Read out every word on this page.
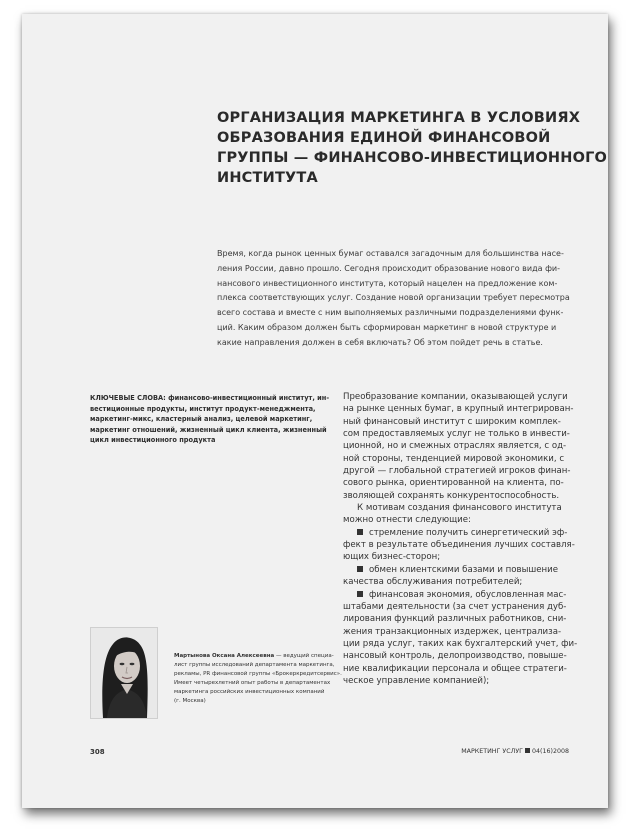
ОРГАНИЗАЦИЯ МАРКЕТИНГА В УСЛОВИЯХ
ОБРАЗОВАНИЯ ЕДИНОЙ ФИНАНСОВОЙ
ГРУППЫ — ФИНАНСОВО-ИНВЕСТИЦИОННОГО
ИНСТИТУТА
Время, когда рынок ценных бумаг оставался загадочным для большинства насе-
ления России, давно прошло. Сегодня происходит образование нового вида фи-
нансового инвестиционного института, который нацелен на предложение ком-
плекса соответствующих услуг. Создание новой организации требует пересмотра
всего состава и вместе с ним выполняемых различными подразделениями функ-
ций. Каким образом должен быть сформирован маркетинг в новой структуре и
какие направления должен в себя включать? Об этом пойдет речь в статье.
КЛЮЧЕВЫЕ СЛОВА: финансово-инвестиционный институт, ин-
вестиционные продукты, институт продукт-менеджмента,
маркетинг-микс, кластерный анализ, целевой маркетинг,
маркетинг отношений, жизненный цикл клиента, жизненный
цикл инвестиционного продукта
Преобразование компании, оказывающей услуги
на рынке ценных бумаг, в крупный интегрирован-
ный финансовый институт с широким комплек-
сом предоставляемых услуг не только в инвести-
ционной, но и смежных отраслях является, с од-
ной стороны, тенденцией мировой экономики, с
другой — глобальной стратегией игроков финан-
сового рынка, ориентированной на клиента, по-
зволяющей сохранять конкурентоспособность.
К мотивам создания финансового института
можно отнести следующие:
стремление получить синергетический эф-
фект в результате объединения лучших составля-
ющих бизнес-сторон;
обмен клиентскими базами и повышение
качества обслуживания потребителей;
финансовая экономия, обусловленная мас-
штабами деятельности (за счет устранения дуб-
лирования функций различных работников, сни-
жения транзакционных издержек, централиза-
ции ряда услуг, таких как бухгалтерский учет, фи-
нансовый контроль, делопроизводство, повыше-
ние квалификации персонала и общее стратеги-
ческое управление компанией);
Мартынова Оксана Алексеевна — ведущий специа-
лист группы исследований департамента маркетинга,
рекламы, PR финансовой группы «Брокеркредитсервис».
Имеет четырехлетний опыт работы в департаментах
маркетинга российских инвестиционных компаний
(г. Москва)
308	МАРКЕТИНГ УСЛУГ 04(16)2008
